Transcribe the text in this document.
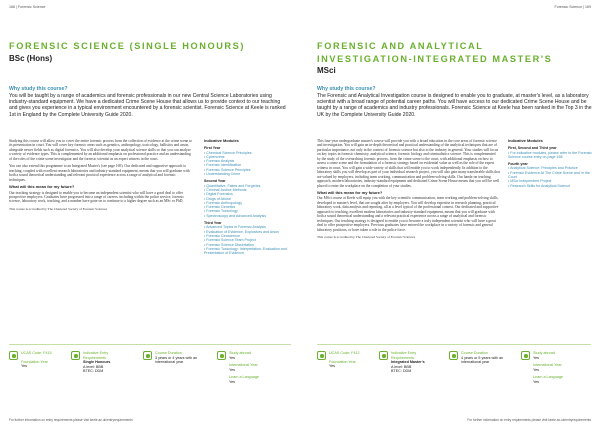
168 | Forensic Science
FORENSIC SCIENCE (SINGLE HONOURS)
BSc (Hons)
Why study this course?
You will be taught by a range of academics and forensic professionals in our new Central Science Laboratories using industry-standard equipment. We have a dedicated Crime Scene House that allows us to provide context to our teaching and gives you experience in a typical environment encountered by a forensic scientist. Forensic Science at Keele is ranked 1st in England by the Complete University Guide 2020.

Studying this course will allow you to cover the entire forensic process from the collection of evidence at the crime scene to its presentation in court. You will cover key forensic areas such as genetics, anthropology, toxicology, ballistics and arson, alongside newer fields such as digital forensics. You will also develop your analytical science skills so that you can analyse a variety of evidence types. This is complemented by an additional emphasis on professional practice and an understanding of the roles of the crime scene investigator and the forensic scientist as an expert witness in the court.

You can also extend this programme to an Integrated Master's (see page 169). Our dedicated and supportive approach to teaching, coupled with excellent research laboratories and industry-standard equipment, means that you will graduate with both a sound theoretical understanding and relevant practical experience across a range of analytical and forensic techniques.

What will this mean for my future?

Our teaching strategy is designed to enable you to become an independent scientist who will have a good deal to offer prospective employers. Graduates have progressed into a range of careers, including within the police service, forensic science, laboratory work, teaching, and a number have gone on to continue to a higher degree such as an MSc or PhD.

This course is accredited by The Chartered Society of Forensic Sciences

Indicative Modules
First Year
• Chemical Science Principles
• Cybercrime
• Forensic Analysis
• Forensic Identification
• Forensic Science Principles
• Understanding Crime
Second Year
• Quantitative, Fakes and Forgeries
• Criminal Justice Methods
• Digital Forensics
• Drugs of Abuse
• Forensic Anthropology
• Forensic Genetics
• Forensic Toxicology
• Spectroscopy and Advanced Analysis
Third Year
• Advanced Topics in Forensic Analysis
• Evaluation of Evidence, Explosives and Arson
• Forensic Geoscience
• Forensic Science Team Project
• Forensic Science Dissertation
• Forensic Toxicology: Interpretation, Evaluation and Presentation of Evidence
UCAS Code: F415
Foundation Year
Yes
Indicative Entry Requirements
Single Honours
A level: BBB
BTEC: DDM
Course Duration
3 years or 4 years with an international year
Study abroad
Yes
International Year
Yes
Learn a Language
Yes
For further information on entry requirements please visit keele.ac.uk/entryrequirements
Forensic Science | 169
FORENSIC AND ANALYTICAL
INVESTIGATION-INTEGRATED MASTER'S
MSci
Why study this course?
The Forensic and Analytical Investigation course is designed to enable you to graduate, at master's level, as a laboratory scientist with a broad range of potential career paths. You will have access to our dedicated Crime Scene House and be taught by a range of academics and industry professionals. Forensic Science at Keele has been ranked in the Top 3 in the UK by the Complete University Guide 2020.

This four-year undergraduate master's course will provide you with a broad education in the core areas of forensic science and investigation. You will gain an in-depth theoretical and practical understanding of the analytical techniques that are of particular importance, not only in the context of forensic science but also to the industry in general. Your studies will focus on key topics in forensic chemistry, analytical science, forensic biology and criminalistics science. This is complemented by the study of the overarching forensic process, from the crime scene to the court, with additional emphasis on how to assess a crime scene and the formulation of a forensic strategy based on evidential value as well as the role of the expert witness in court. You will gain a wide variety of skills that will enable you to work independently. In addition to the laboratory skills you will develop as part of your individual research project, you will also gain many transferable skills that are valued by employers, including team working, communication and problem-solving skills. Our hands-on teaching approach, modern laboratories, industry-standard equipment and dedicated Crime Scene House means that you will be well placed to enter the workplace on the completion of your studies.

What will this mean for my future?

Our MSci course at Keele will equip you with the key scientific communication, team working and problem-solving skills, developed to master's level, that are sought after by employers. You will develop expertise in research planning, practical laboratory work, data analysis and reporting, all at a level typical of the professional context. Our dedicated and supportive approach to teaching, excellent modern laboratories and industry-standard equipment, means that you will graduate with both a sound theoretical understanding and a relevant practical experience across a range of analytical and forensic techniques. Our teaching strategy is designed to enable you to become a truly independent scientist who will have a great deal to offer prospective employers. Previous graduates have entered the workplace in a variety of forensic and general laboratory positions, or have taken a role in the police force.

This course is accredited by The Chartered Society of Forensic Sciences

Indicative Modules
First, Second and Third year
• For indicative modules, please refer to the Forensic Science course entry on page 168
Fourth year
• Analytical Science: Principles and Practice
• Forensic Evidence At The Crime Scene and in the Court
• MSci Independent Project
• Research Skills for Analytical Science
UCAS Code: F412
Foundation Year
Yes
Indicative Entry Requirements
Integrated Master's
A level: BBB
BTEC: DDM
Course Duration
4 years or 5 years with an international year
Study abroad
Yes
International Year
Yes
Learn a Language
Yes
For further information on entry requirements please visit keele.ac.uk/entryrequirements
